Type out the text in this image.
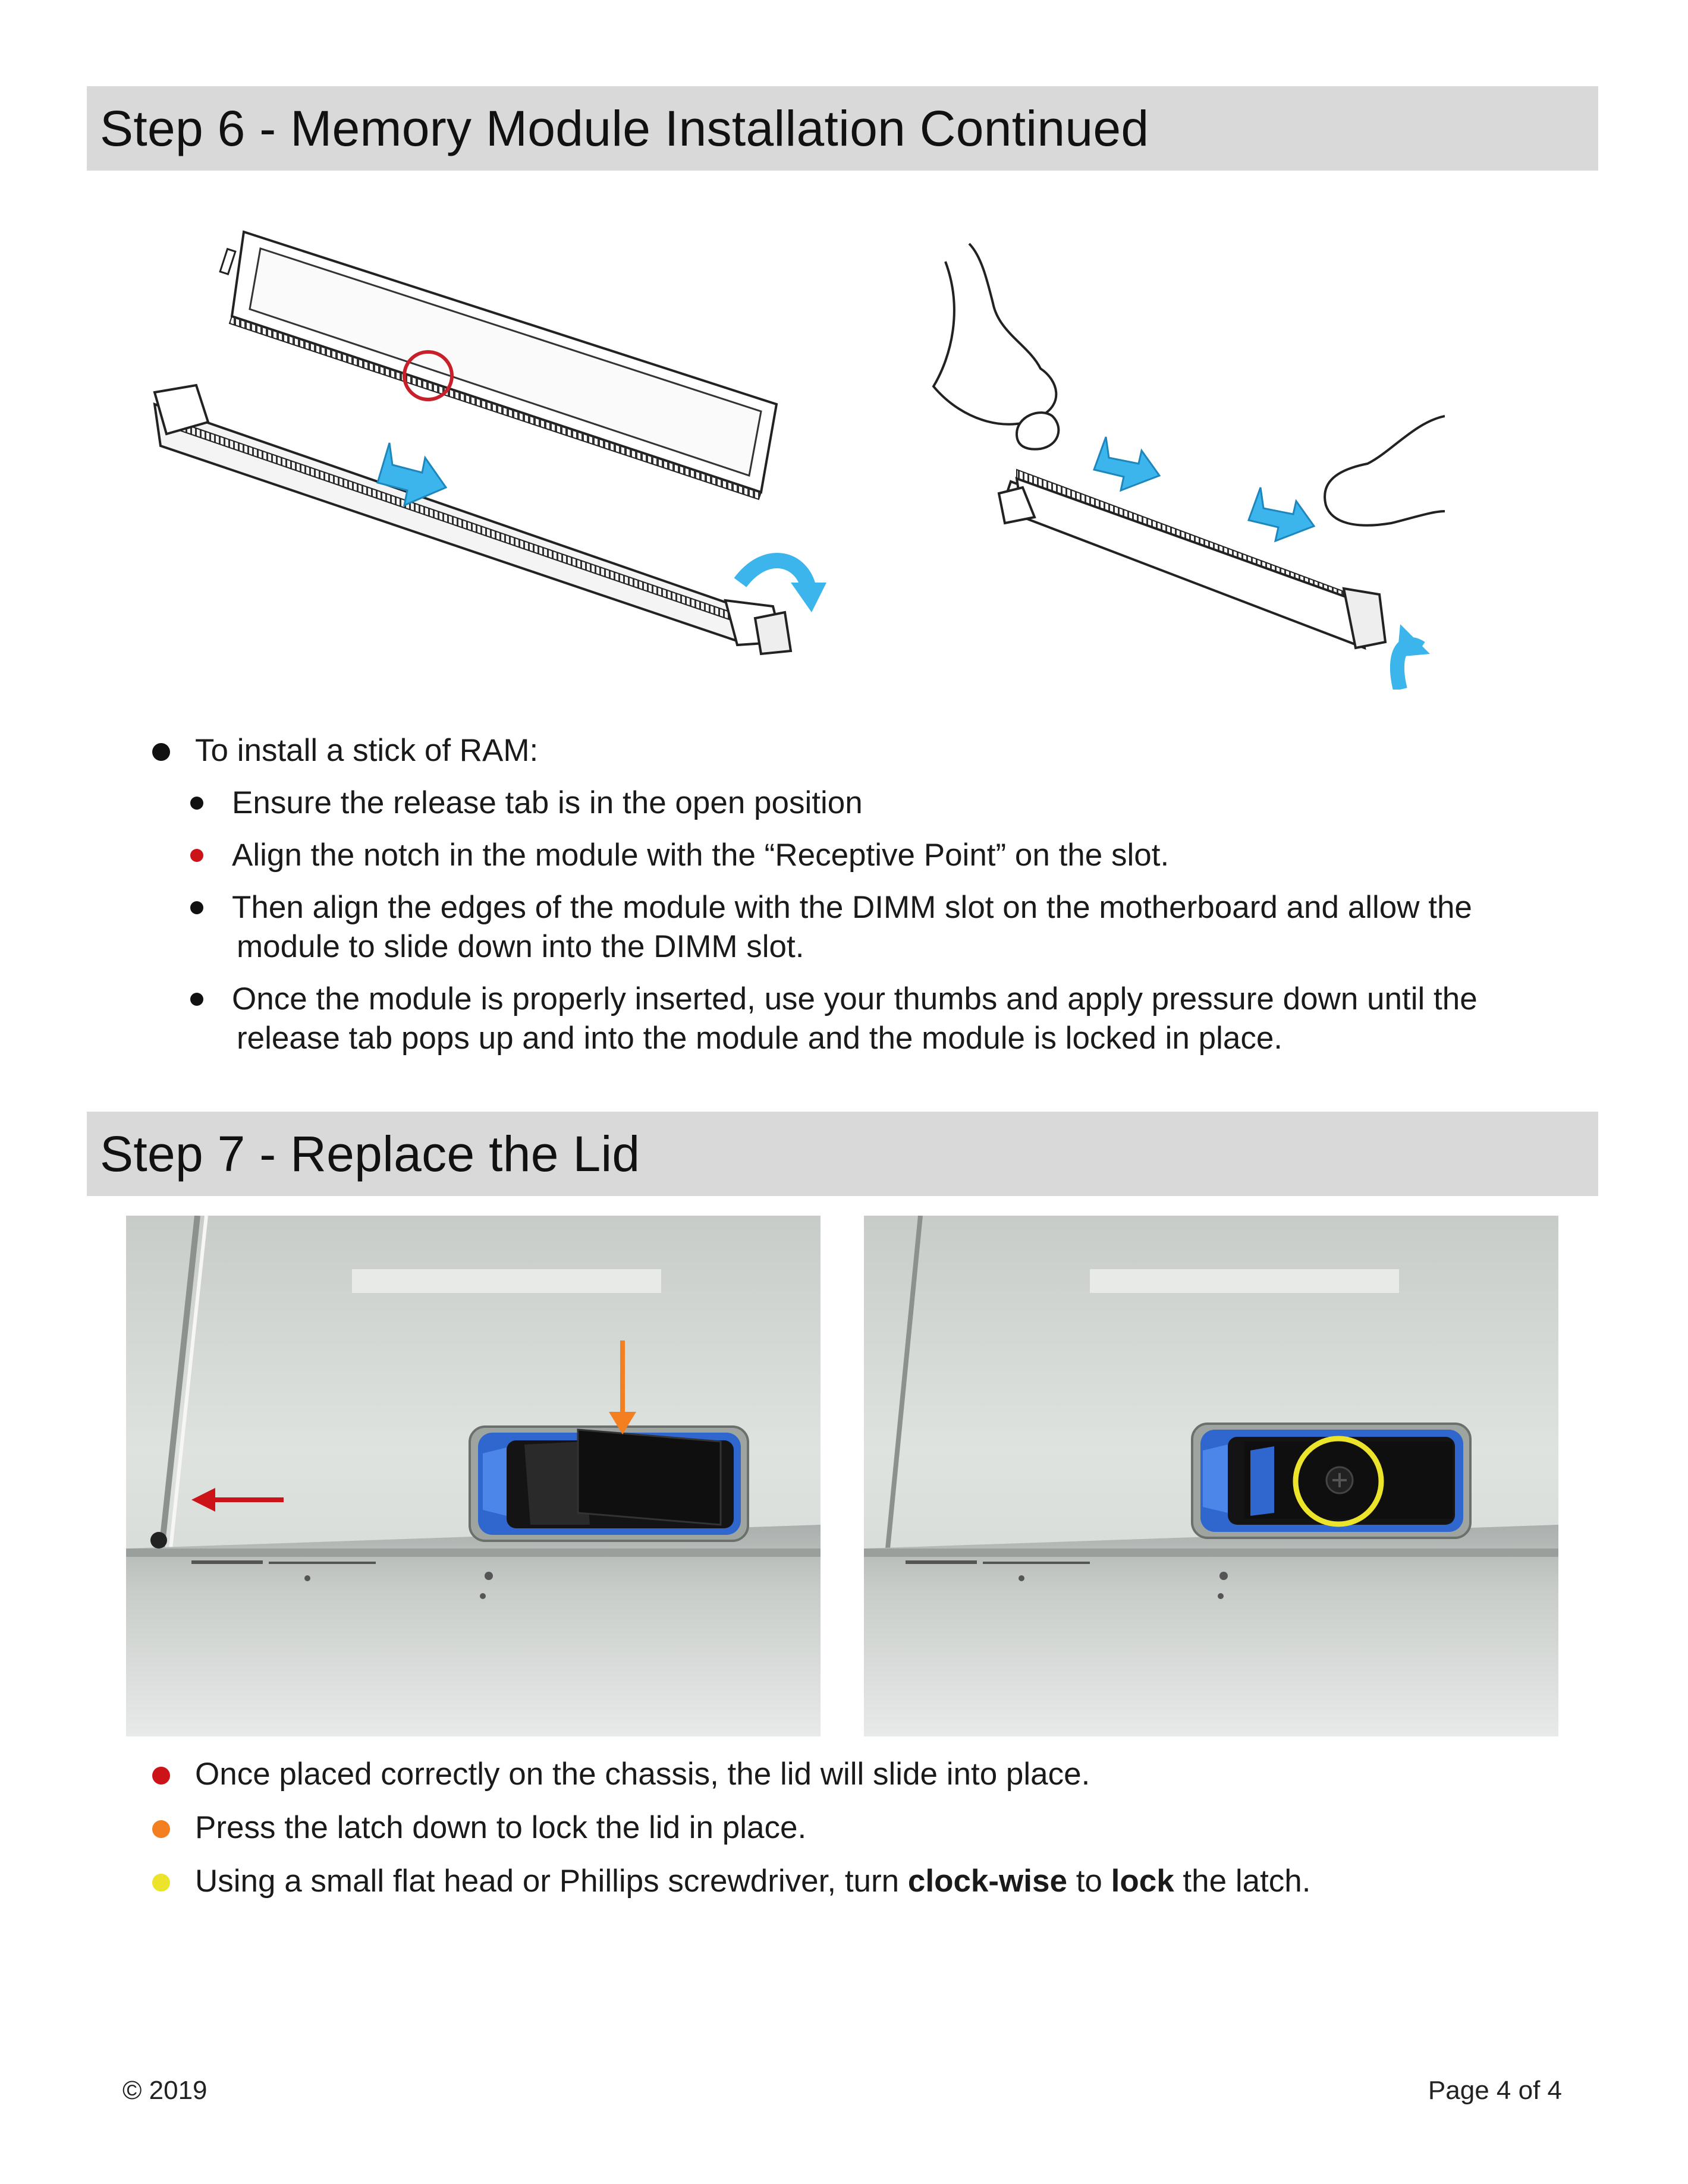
Step 6 - Memory Module Installation Continued
To install a stick of RAM:
Ensure the release tab is in the open position
Align the notch in the module with the “Receptive Point” on the slot.
Then align the edges of the module with the DIMM slot on the motherboard and allow the
module to slide down into the DIMM slot.
Once the module is properly inserted, use your thumbs and apply pressure down until the
release tab pops up and into the module and the module is locked in place.
Step 7 - Replace the Lid
Once placed correctly on the chassis, the lid will slide into place.
Press the latch down to lock the lid in place.
Using a small flat head or Phillips screwdriver, turn clock-wise to lock the latch.
© 2019	Page 4 of 4
